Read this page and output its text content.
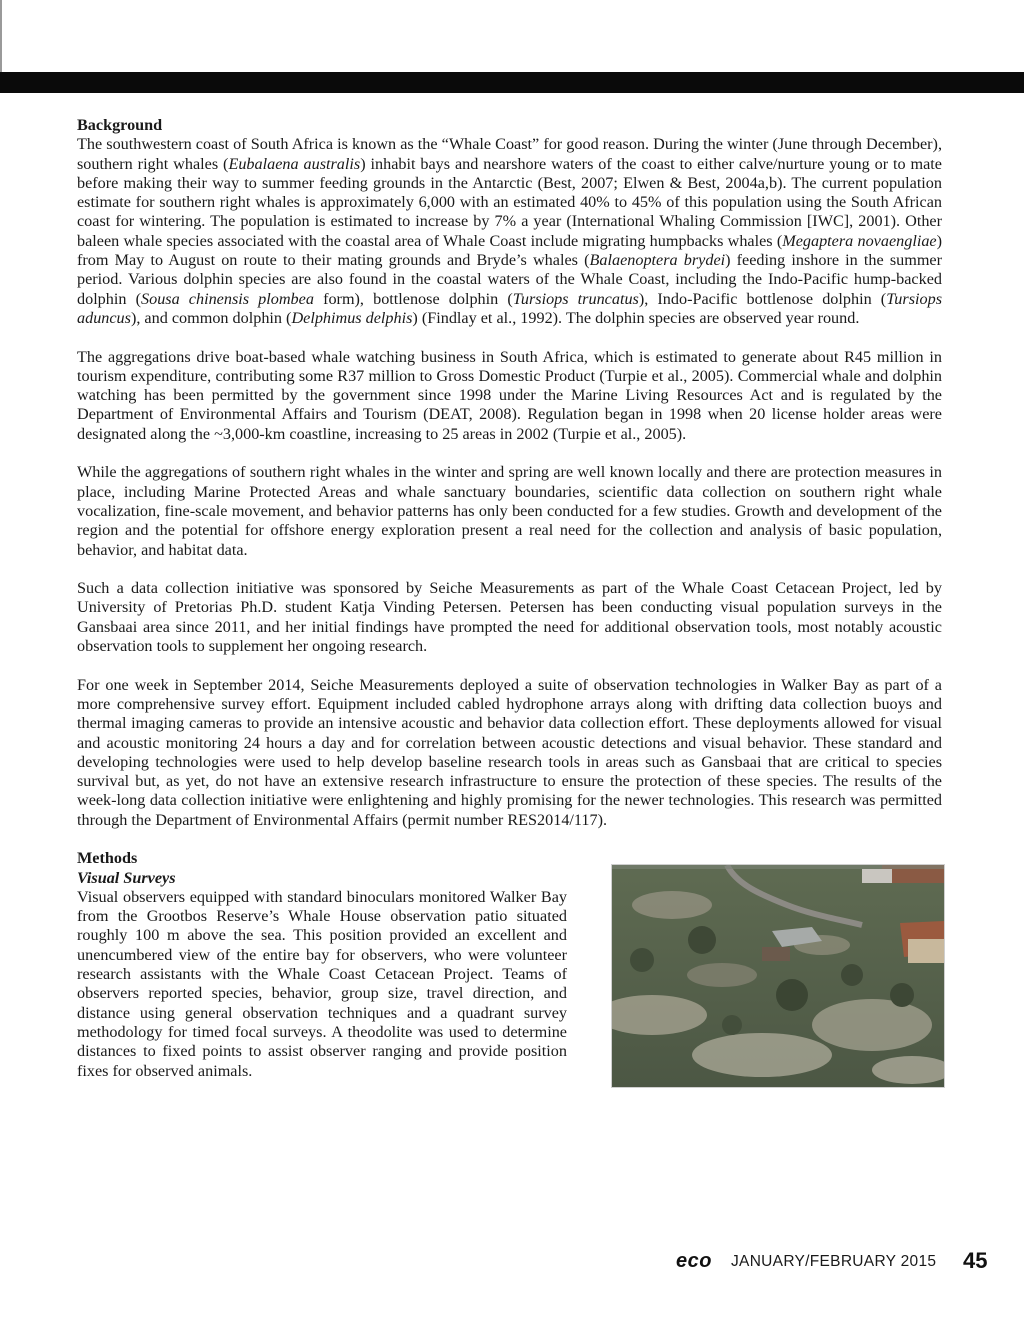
Background

The southwestern coast of South Africa is known as the “Whale Coast” for good reason. During the winter (June through December), southern right whales (Eubalaena australis) inhabit bays and nearshore waters of the coast to either calve/nurture young or to mate before making their way to summer feeding grounds in the Antarctic (Best, 2007; Elwen & Best, 2004a,b). The current population estimate for southern right whales is approximately 6,000 with an estimated 40% to 45% of this population using the South African coast for wintering. The population is estimated to increase by 7% a year (International Whaling Commission [IWC], 2001). Other baleen whale species associated with the coastal area of Whale Coast include migrating humpbacks whales (Megaptera novaengliae) from May to August on route to their mating grounds and Bryde’s whales (Balaenoptera brydei) feeding inshore in the summer period. Various dolphin species are also found in the coastal waters of the Whale Coast, including the Indo-Pacific hump-backed dolphin (Sousa chinensis plombea form), bottlenose dolphin (Tursiops truncatus), Indo-Pacific bottlenose dolphin (Tursiops aduncus), and common dolphin (Delphimus delphis) (Findlay et al., 1992). The dolphin species are observed year round.

The aggregations drive boat-based whale watching business in South Africa, which is estimated to generate about R45 million in tourism expenditure, contributing some R37 million to Gross Domestic Product (Turpie et al., 2005). Commercial whale and dolphin watching has been permitted by the government since 1998 under the Marine Living Resources Act and is regulated by the Department of Environmental Affairs and Tourism (DEAT, 2008). Regulation began in 1998 when 20 license holder areas were designated along the ~3,000-km coastline, increasing to 25 areas in 2002 (Turpie et al., 2005).

While the aggregations of southern right whales in the winter and spring are well known locally and there are protection measures in place, including Marine Protected Areas and whale sanctuary boundaries, scientific data collection on southern right whale vocalization, fine-scale movement, and behavior patterns has only been conducted for a few studies. Growth and development of the region and the potential for offshore energy exploration present a real need for the collection and analysis of basic population, behavior, and habitat data.

Such a data collection initiative was sponsored by Seiche Measurements as part of the Whale Coast Cetacean Project, led by University of Pretorias Ph.D. student Katja Vinding Petersen. Petersen has been conducting visual population surveys in the Gansbaai area since 2011, and her initial findings have prompted the need for additional observation tools, most notably acoustic observation tools to supplement her ongoing research.

For one week in September 2014, Seiche Measurements deployed a suite of observation technologies in Walker Bay as part of a more comprehensive survey effort. Equipment included cabled hydrophone arrays along with drifting data collection buoys and thermal imaging cameras to provide an intensive acoustic and behavior data collection effort. These deployments allowed for visual and acoustic monitoring 24 hours a day and for correlation between acoustic detections and visual behavior. These standard and developing technologies were used to help develop baseline research tools in areas such as Gansbaai that are critical to species survival but, as yet, do not have an extensive research infrastructure to ensure the protection of these species. The results of the week-long data collection initiative were enlightening and highly promising for the newer technologies. This research was permitted through the Department of Environmental Affairs (permit number RES2014/117).

Methods
Visual Surveys

Visual observers equipped with standard binoculars monitored Walker Bay from the Grootbos Reserve’s Whale House observation patio situated roughly 100 m above the sea. This position provided an excellent and unencumbered view of the entire bay for observers, who were volunteer research assistants with the Whale Coast Cetacean Project. Teams of observers reported species, behavior, group size, travel direction, and distance using general observation techniques and a quadrant survey methodology for timed focal surveys. A theodolite was used to determine distances to fixed points to assist observer ranging and provide position fixes for observed animals.

eco JANUARY/FEBRUARY 2015 45
